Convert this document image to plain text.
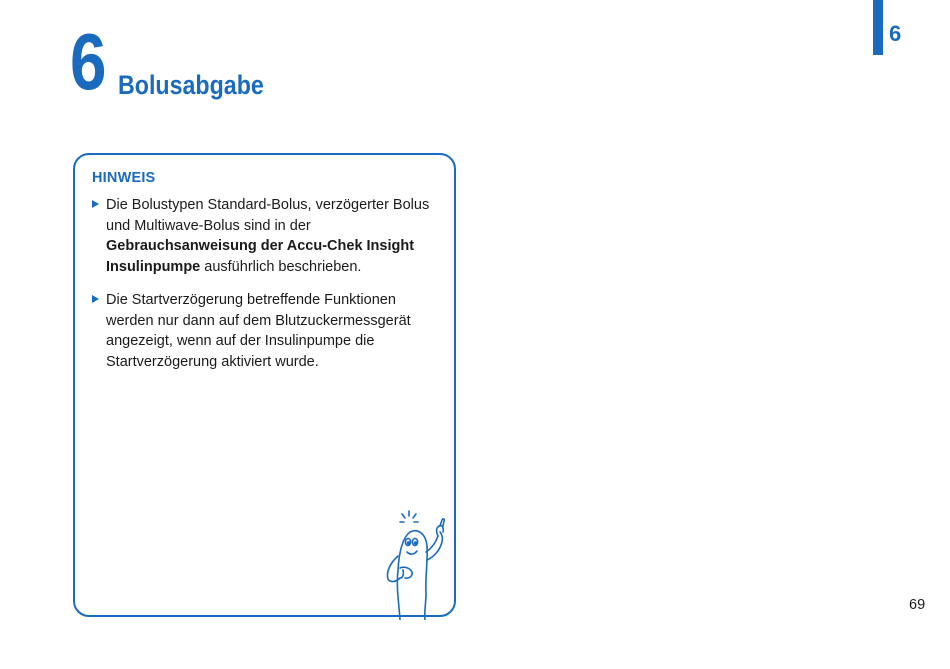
6 Bolusabgabe
6
HINWEIS
Die Bolustypen Standard-Bolus, verzögerter Bolus und Multiwave-Bolus sind in der Gebrauchsanweisung der Accu-Chek Insight Insulinpumpe ausführlich beschrieben.
Die Startverzögerung betreffende Funktionen werden nur dann auf dem Blutzuckermessgerät angezeigt, wenn auf der Insulinpumpe die Startverzögerung aktiviert wurde.
69
